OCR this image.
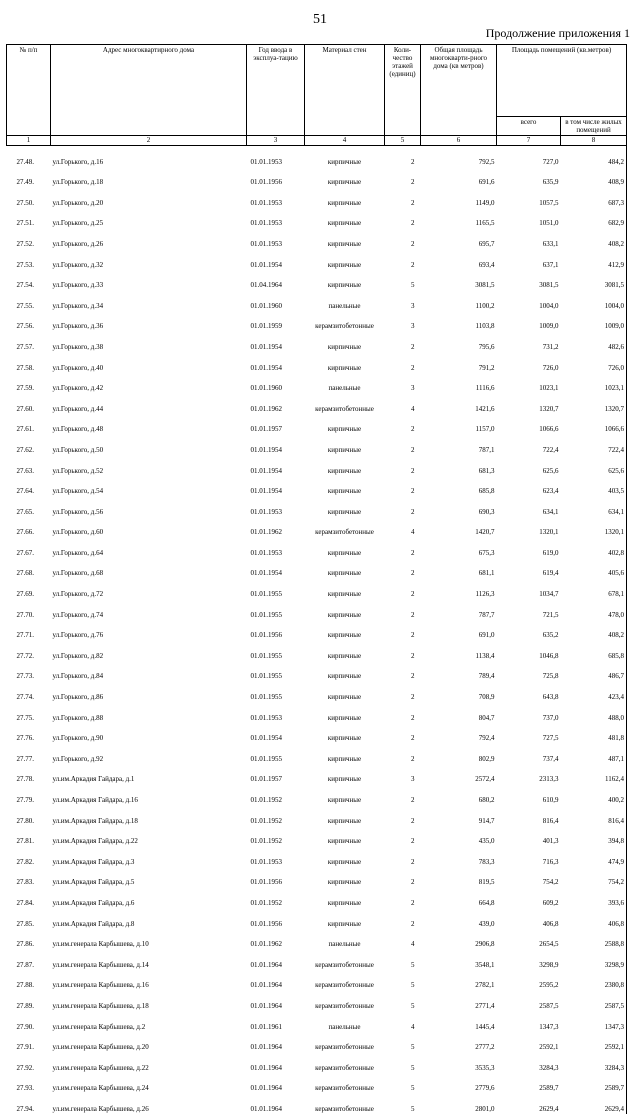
51
Продолжение приложения 1
№ п/п	Адрес многоквартирного дома	Год ввода в эксплуа-тацию	Материал стен	Коли-чество этажей (единиц)	Общая площадь многокварти-рного дома (кв метров)	Площадь помещений (кв.метров)	
						всего	в том числе жилых помещений
1	2	3	4	5	6	7	8
27.48.	ул.Горького, д.16	01.01.1953	кирпичные	2	792,5	727,0	484,2
27.49.	ул.Горького, д.18	01.01.1956	кирпичные	2	691,6	635,9	408,9
27.50.	ул.Горького, д.20	01.01.1953	кирпичные	2	1149,0	1057,5	687,3
27.51.	ул.Горького, д.25	01.01.1953	кирпичные	2	1165,5	1051,0	682,9
27.52.	ул.Горького, д.26	01.01.1953	кирпичные	2	695,7	633,1	408,2
27.53.	ул.Горького, д.32	01.01.1954	кирпичные	2	693,4	637,1	412,9
27.54.	ул.Горького, д.33	01.04.1964	кирпичные	5	3081,5	3081,5	3081,5
27.55.	ул.Горького, д.34	01.01.1960	панельные	3	1100,2	1004,0	1004,0
27.56.	ул.Горького, д.36	01.01.1959	керамзитобетонные	3	1103,8	1009,0	1009,0
27.57.	ул.Горького, д.38	01.01.1954	кирпичные	2	795,6	731,2	482,6
27.58.	ул.Горького, д.40	01.01.1954	кирпичные	2	791,2	726,0	726,0
27.59.	ул.Горького, д.42	01.01.1960	панельные	3	1116,6	1023,1	1023,1
27.60.	ул.Горького, д.44	01.01.1962	керамзитобетонные	4	1421,6	1320,7	1320,7
27.61.	ул.Горького, д.48	01.01.1957	кирпичные	2	1157,0	1066,6	1066,6
27.62.	ул.Горького, д.50	01.01.1954	кирпичные	2	787,1	722,4	722,4
27.63.	ул.Горького, д.52	01.01.1954	кирпичные	2	681,3	625,6	625,6
27.64.	ул.Горького, д.54	01.01.1954	кирпичные	2	685,8	623,4	403,5
27.65.	ул.Горького, д.56	01.01.1953	кирпичные	2	690,3	634,1	634,1
27.66.	ул.Горького, д.60	01.01.1962	керамзитобетонные	4	1420,7	1320,1	1320,1
27.67.	ул.Горького, д.64	01.01.1953	кирпичные	2	675,3	619,0	402,8
27.68.	ул.Горького, д.68	01.01.1954	кирпичные	2	681,1	619,4	405,6
27.69.	ул.Горького, д.72	01.01.1955	кирпичные	2	1126,3	1034,7	678,1
27.70.	ул.Горького, д.74	01.01.1955	кирпичные	2	787,7	721,5	478,0
27.71.	ул.Горького, д.76	01.01.1956	кирпичные	2	691,0	635,2	408,2
27.72.	ул.Горького, д.82	01.01.1955	кирпичные	2	1138,4	1046,8	685,8
27.73.	ул.Горького, д.84	01.01.1955	кирпичные	2	789,4	725,8	486,7
27.74.	ул.Горького, д.86	01.01.1955	кирпичные	2	708,9	643,8	423,4
27.75.	ул.Горького, д.88	01.01.1953	кирпичные	2	804,7	737,0	488,0
27.76.	ул.Горького, д.90	01.01.1954	кирпичные	2	792,4	727,5	481,8
27.77.	ул.Горького, д.92	01.01.1955	кирпичные	2	802,9	737,4	487,1
27.78.	ул.им.Аркадия Гайдара, д.1	01.01.1957	кирпичные	3	2572,4	2313,3	1162,4
27.79.	ул.им.Аркадия Гайдара, д.16	01.01.1952	кирпичные	2	680,2	610,9	400,2
27.80.	ул.им.Аркадия Гайдара, д.18	01.01.1952	кирпичные	2	914,7	816,4	816,4
27.81.	ул.им.Аркадия Гайдара, д.22	01.01.1952	кирпичные	2	435,0	401,3	394,8
27.82.	ул.им.Аркадия Гайдара, д.3	01.01.1953	кирпичные	2	783,3	716,3	474,9
27.83.	ул.им.Аркадия Гайдара, д.5	01.01.1956	кирпичные	2	819,5	754,2	754,2
27.84.	ул.им.Аркадия Гайдара, д.6	01.01.1952	кирпичные	2	664,8	609,2	393,6
27.85.	ул.им.Аркадия Гайдара, д.8	01.01.1956	кирпичные	2	439,0	406,8	406,8
27.86.	ул.им.генерала Карбышева, д.10	01.01.1962	панельные	4	2906,8	2654,5	2588,8
27.87.	ул.им.генерала Карбышева, д.14	01.01.1964	керамзитобетонные	5	3548,1	3298,9	3298,9
27.88.	ул.им.генерала Карбышева, д.16	01.01.1964	керамзитобетонные	5	2782,1	2595,2	2380,8
27.89.	ул.им.генерала Карбышева, д.18	01.01.1964	керамзитобетонные	5	2771,4	2587,5	2587,5
27.90.	ул.им.генерала Карбышева, д.2	01.01.1961	панельные	4	1445,4	1347,3	1347,3
27.91.	ул.им.генерала Карбышева, д.20	01.01.1964	керамзитобетонные	5	2777,2	2592,1	2592,1
27.92.	ул.им.генерала Карбышева, д.22	01.01.1964	керамзитобетонные	5	3535,3	3284,3	3284,3
27.93.	ул.им.генерала Карбышева, д.24	01.01.1964	керамзитобетонные	5	2779,6	2589,7	2589,7
27.94.	ул.им.генерала Карбышева, д.26	01.01.1964	керамзитобетонные	5	2801,0	2629,4	2629,4
